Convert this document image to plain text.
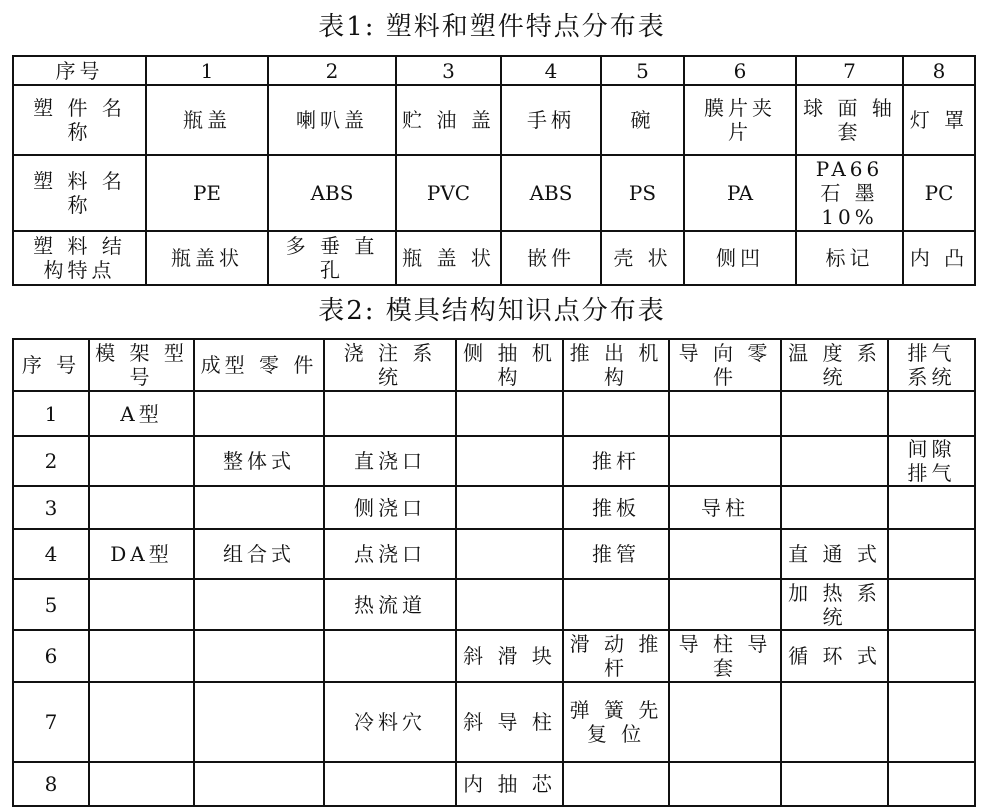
表1: 塑料和塑件特点分布表
序号	1	2	3	4	5	6	7	8
塑 件 名 称	瓶盖	喇叭盖	贮 油 盖	手柄	碗	膜片夹 片	球 面 轴套	灯 罩
塑 料 名 称	PE	ABS	PVC	ABS	PS	PA	PA66 石 墨 10%	PC
塑 料 结 构特点	瓶盖状	多 垂 直 孔	瓶 盖 状	嵌件	壳 状	侧凹	标记	内 凸
表2: 模具结构知识点分布表
序 号	模 架 型号	成型 零 件	浇 注 系 统	侧 抽 机构	推 出 机构	导 向 零件	温 度 系统	排气 系统
1	A型							
2		整体式	直浇口		推杆			间隙 排气
3			侧浇口		推板	导柱		
4	DA型	组合式	点浇口		推管		直 通 式	
5			热流道				加 热 系统	
6				斜 滑 块	滑 动 推杆	导 柱 导套	循 环 式	
7			冷料穴	斜 导 柱	弹 簧 先 复 位			
8				内 抽 芯				
